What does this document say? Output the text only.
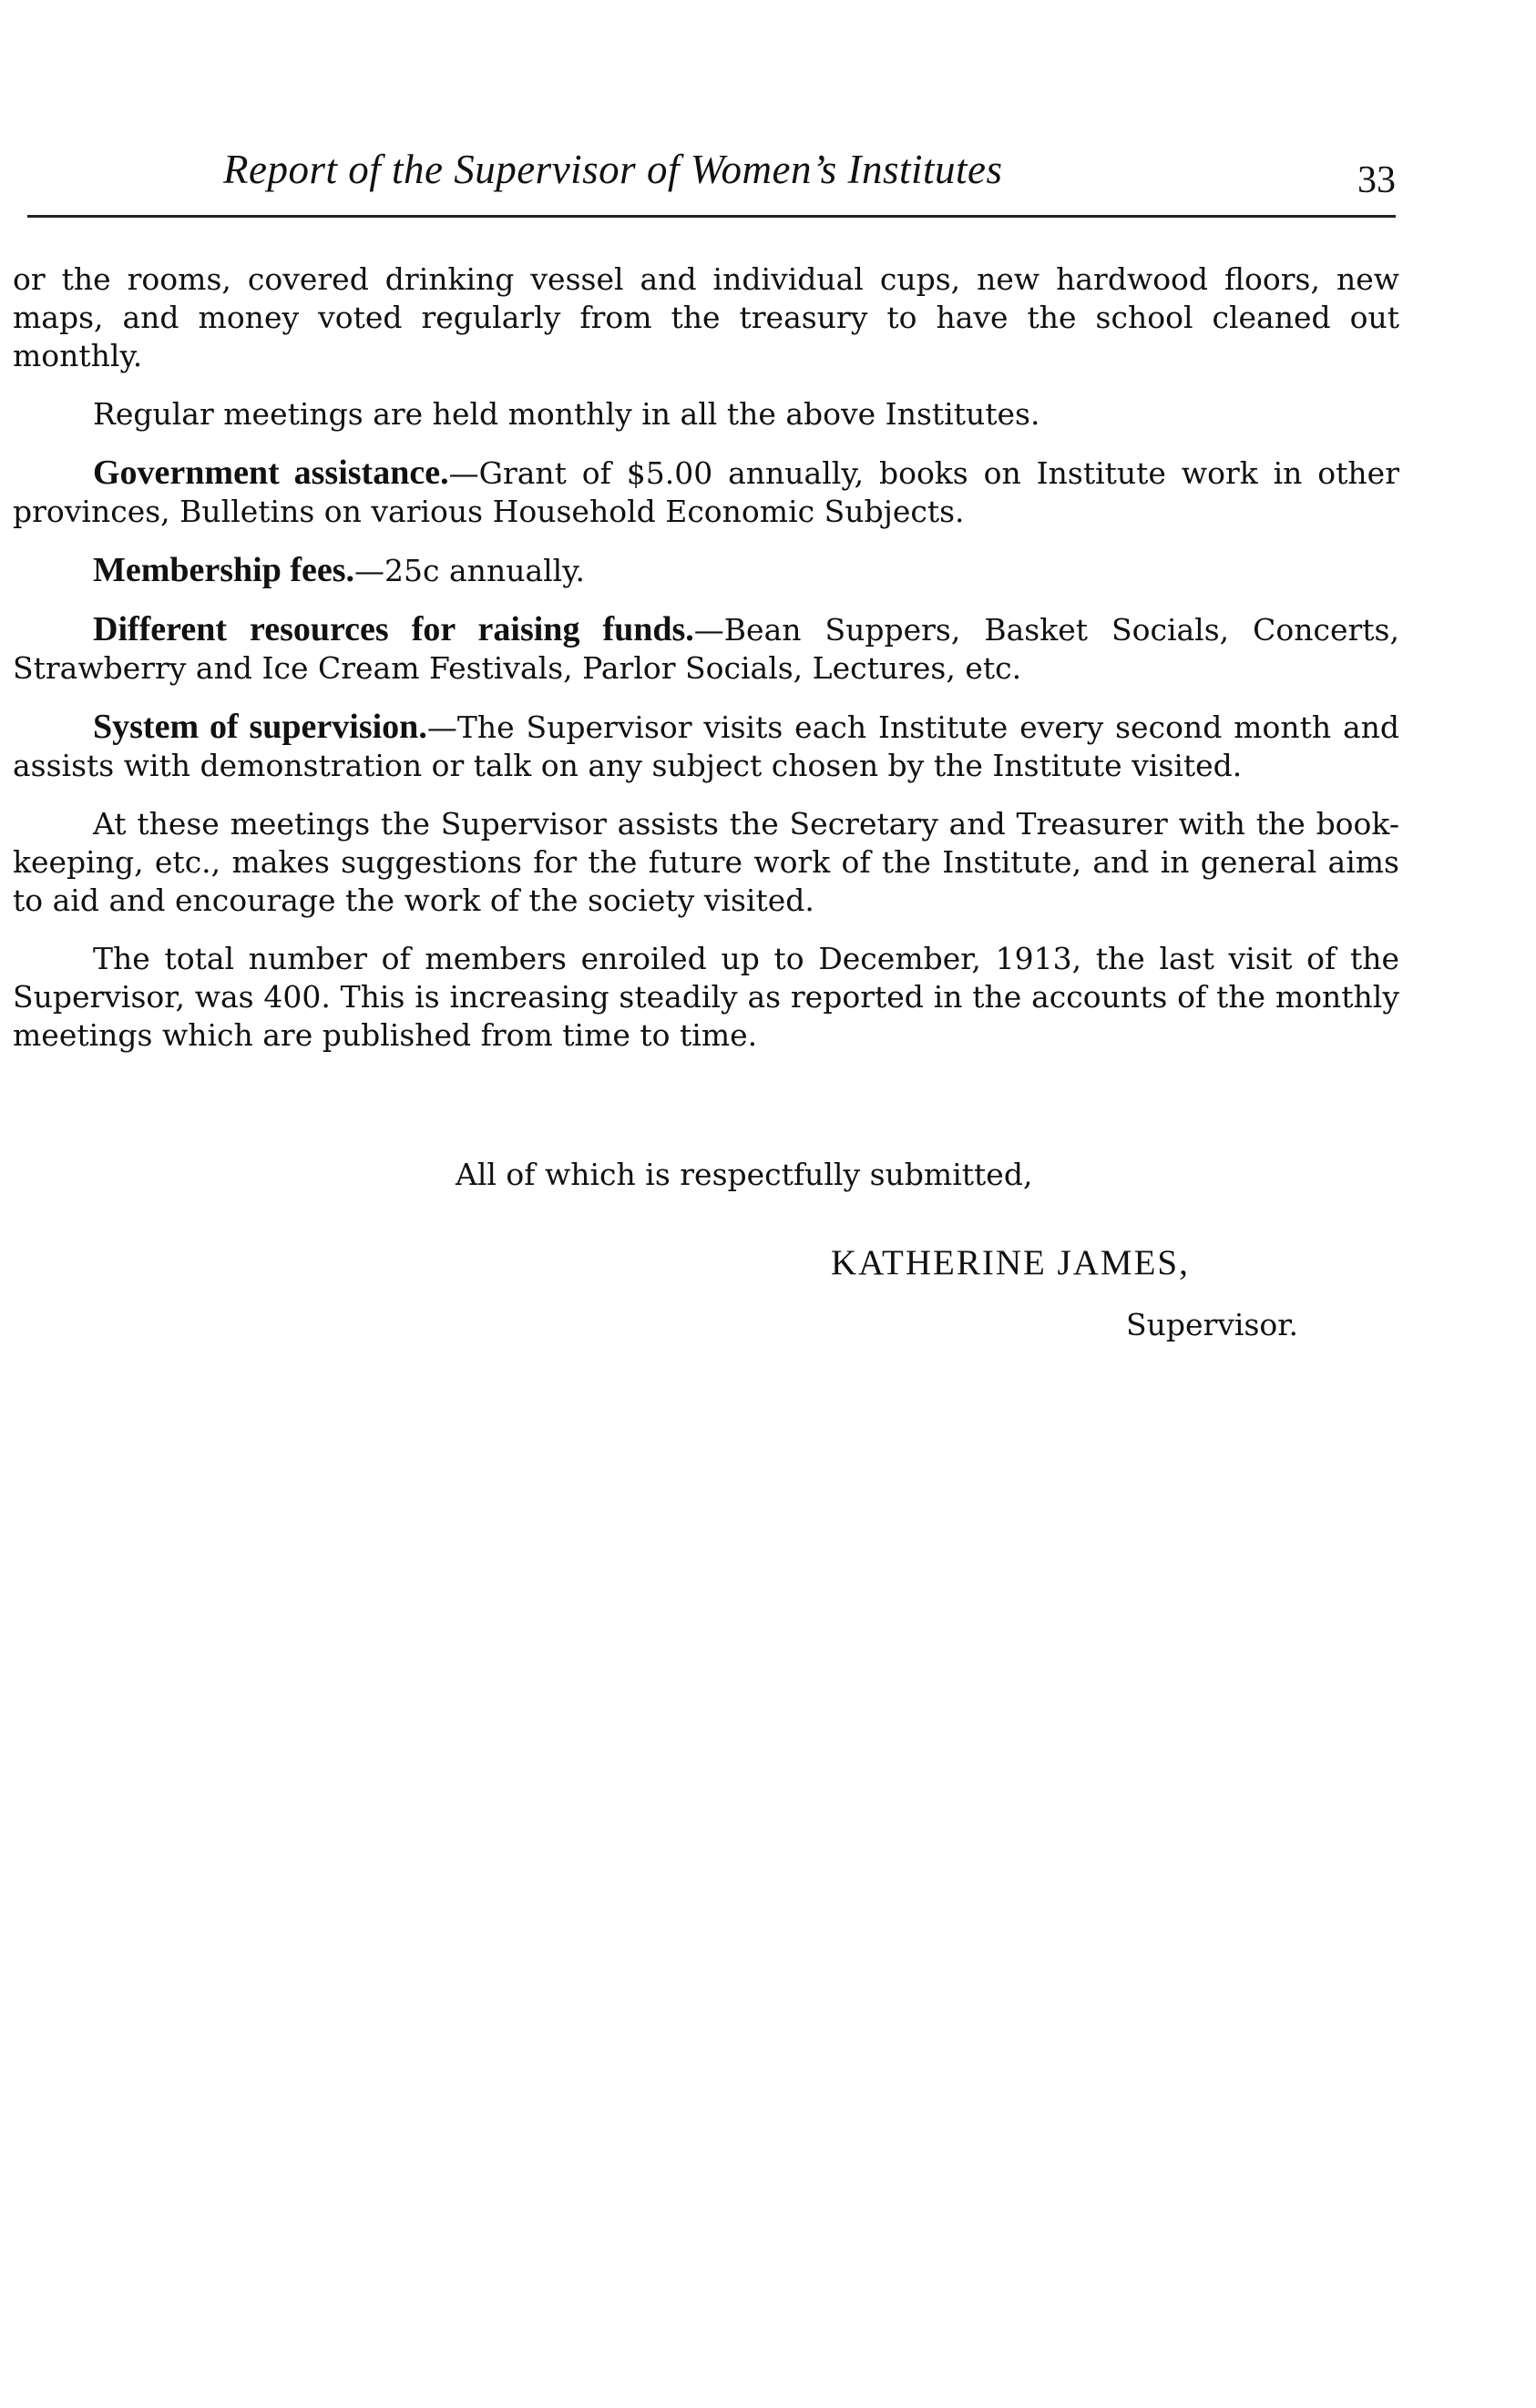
Report of the Supervisor of Women’s Institutes	33

or the rooms, covered drinking vessel and individual cups, new hardwood floors, new maps, and money voted regularly from the treasury to have the school cleaned out monthly.

Regular meetings are held monthly in all the above Institutes.

Government assistance.—Grant of $5.00 annually, books on Institute work in other provinces, Bulletins on various Household Economic Subjects.

Membership fees.—25c annually.

Different resources for raising funds.—Bean Suppers, Basket Socials, Concerts, Strawberry and Ice Cream Festivals, Parlor Socials, Lectures, etc.

System of supervision.—The Supervisor visits each Institute every second month and assists with demonstration or talk on any subject chosen by the Institute visited.

At these meetings the Supervisor assists the Secretary and Treasurer with the book-keeping, etc., makes suggestions for the future work of the Institute, and in general aims to aid and encourage the work of the society visited.

The total number of members enroiled up to December, 1913, the last visit of the Supervisor, was 400. This is increasing steadily as reported in the accounts of the monthly meetings which are published from time to time.

All of which is respectfully submitted,
KATHERINE JAMES,
Supervisor.
